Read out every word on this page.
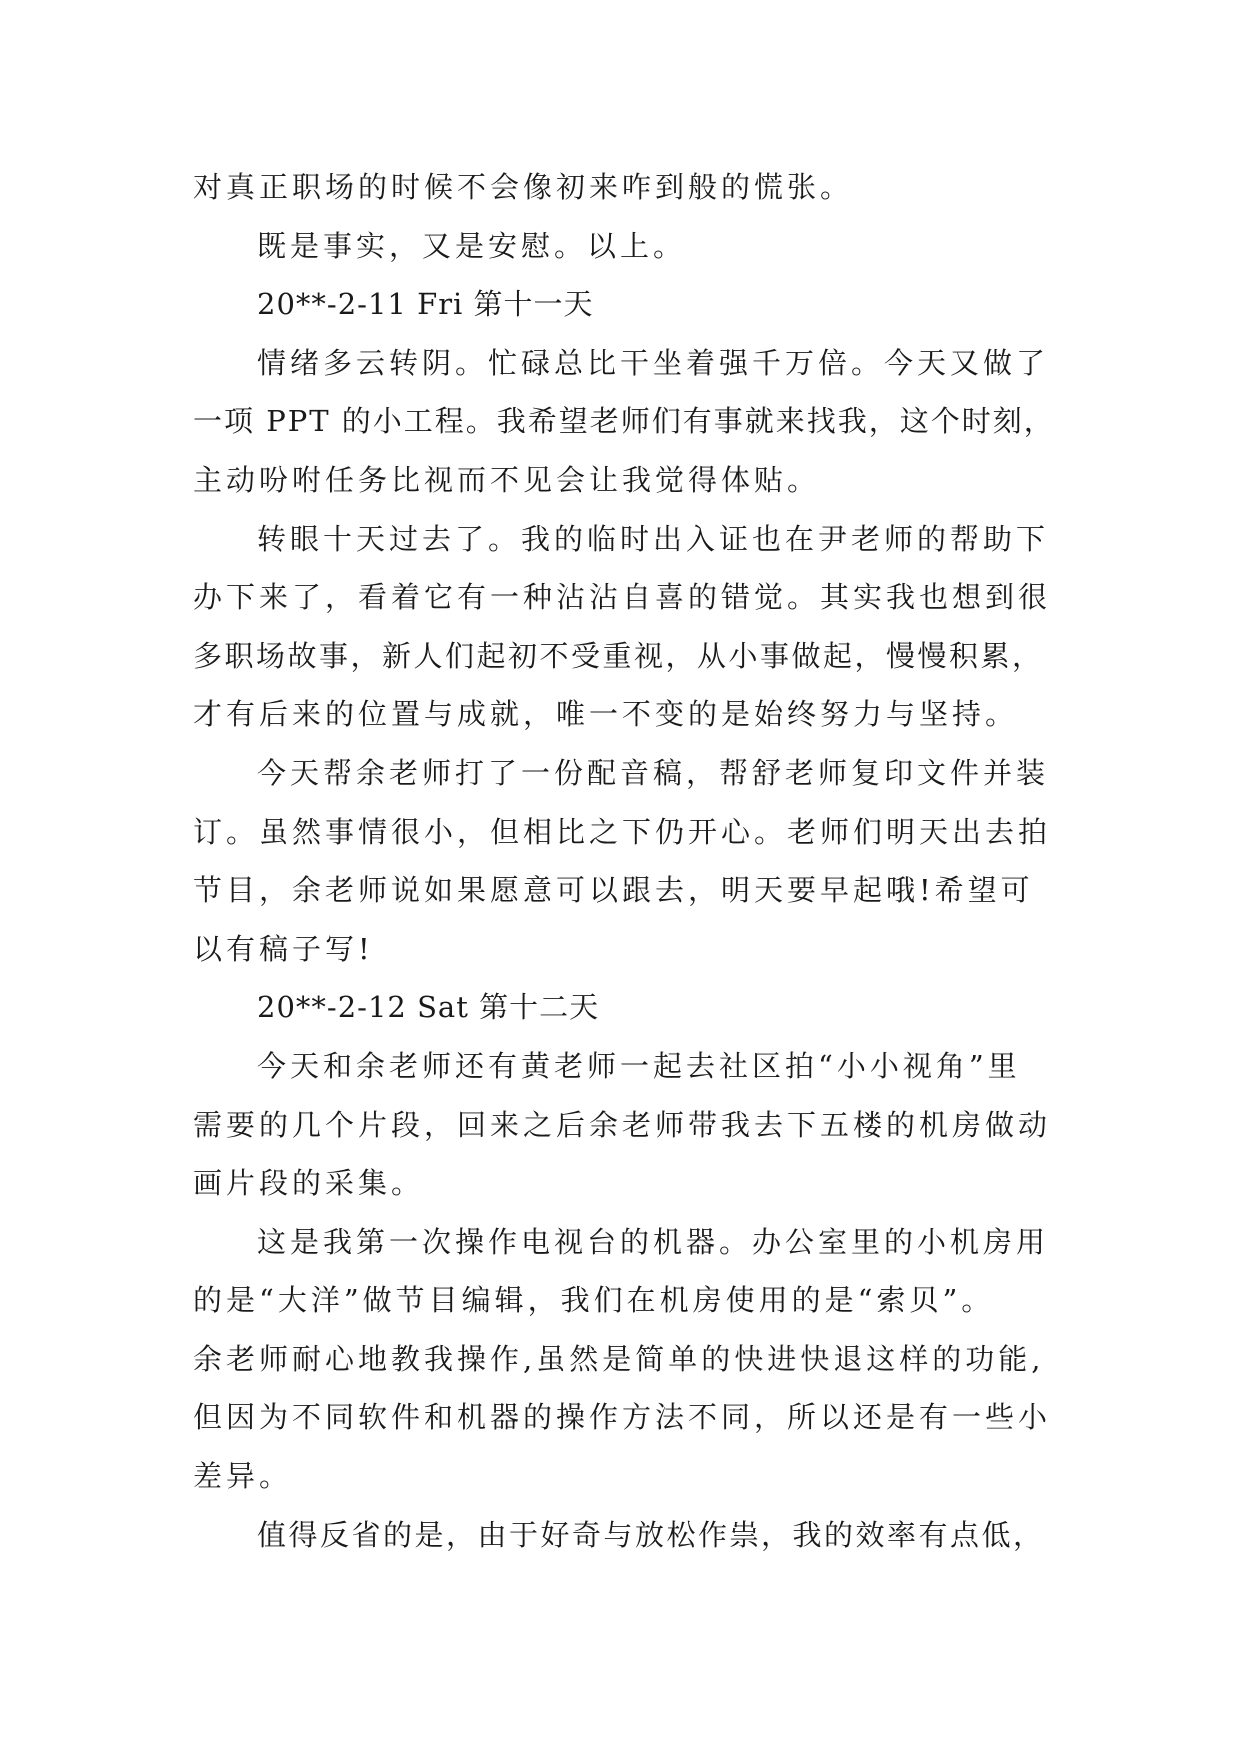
对真正职场的时候不会像初来咋到般的慌张。

既是事实，又是安慰。以上。

20**-2-11 Fri 第十一天

情绪多云转阴。忙碌总比干坐着强千万倍。今天又做了

一项 PPT 的小工程。我希望老师们有事就来找我，这个时刻，

主动吩咐任务比视而不见会让我觉得体贴。

转眼十天过去了。我的临时出入证也在尹老师的帮助下

办下来了，看着它有一种沾沾自喜的错觉。其实我也想到很

多职场故事，新人们起初不受重视，从小事做起，慢慢积累，

才有后来的位置与成就，唯一不变的是始终努力与坚持。

今天帮余老师打了一份配音稿，帮舒老师复印文件并装

订。虽然事情很小，但相比之下仍开心。老师们明天出去拍

节目，余老师说如果愿意可以跟去，明天要早起哦!希望可

以有稿子写!

20**-2-12 Sat 第十二天

今天和余老师还有黄老师一起去社区拍“小小视角”里

需要的几个片段，回来之后余老师带我去下五楼的机房做动

画片段的采集。

这是我第一次操作电视台的机器。办公室里的小机房用

的是“大洋”做节目编辑，我们在机房使用的是“索贝”。

余老师耐心地教我操作,虽然是简单的快进快退这样的功能,

但因为不同软件和机器的操作方法不同，所以还是有一些小

差异。

值得反省的是，由于好奇与放松作祟，我的效率有点低，
